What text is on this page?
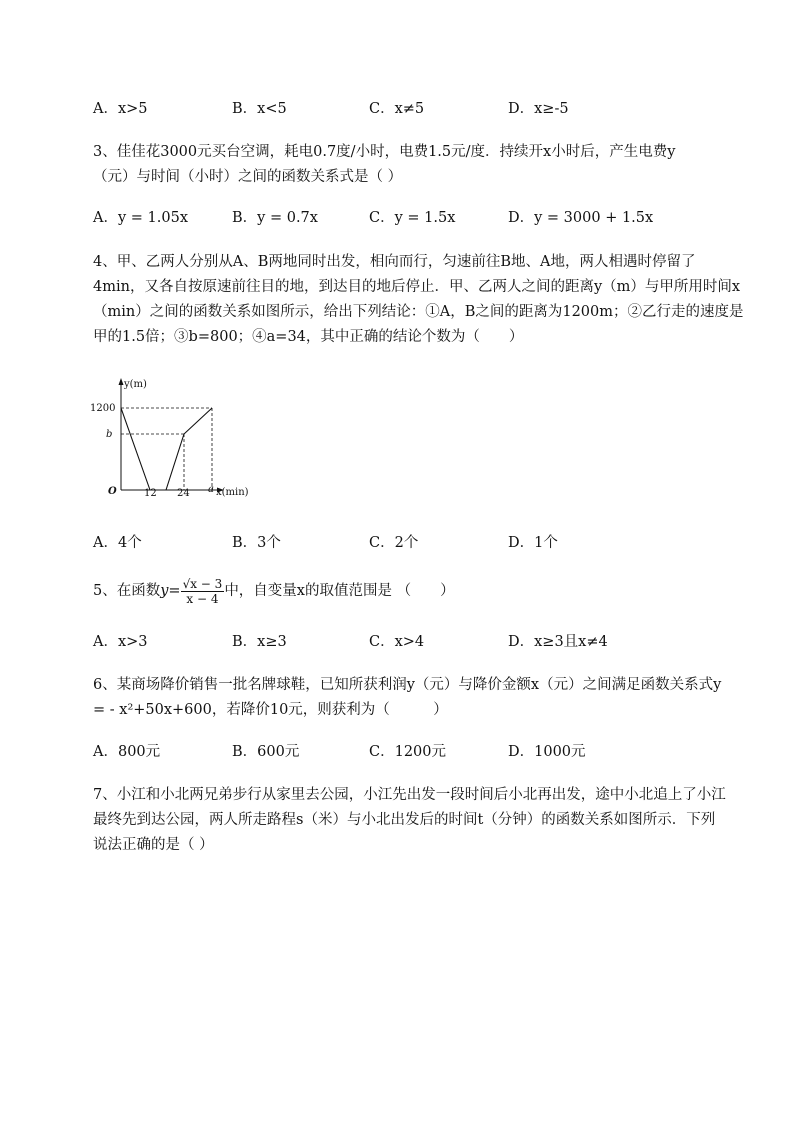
A．x>5	B．x<5	C．x≠5	D．x≥-5
3、佳佳花3000元买台空调，耗电0.7度/小时，电费1.5元/度．持续开x小时后，产生电费y
（元）与时间（小时）之间的函数关系式是（ ）
A．y = 1.05x	B．y = 0.7x	C．y = 1.5x	D．y = 3000 + 1.5x
4、甲、乙两人分别从A、B两地同时出发，相向而行，匀速前往B地、A地，两人相遇时停留了
4min，又各自按原速前往目的地，到达目的地后停止．甲、乙两人之间的距离y（m）与甲所用时间x
（min）之间的函数关系如图所示，给出下列结论：①A，B之间的距离为1200m；②乙行走的速度是
甲的1.5倍；③b=800；④a=34，其中正确的结论个数为（　　）
y(m)
1200
b
O	12 24 a x(min)
A．4个	B．3个	C．2个	D．1个
5、在函数$y= \frac{√x - 3}{x - 4}$ 中，自变量x的取值范围是 （　　）
A．x>3	B．x≥3	C．x>4	D．x≥3且x≠4
6、某商场降价销售一批名牌球鞋，已知所获利润y（元）与降价金额x（元）之间满足函数关系式y
= - x²+50x+600，若降价10元，则获利为（　　　）
A．800元	B．600元	C．1200元	D．1000元
7、小江和小北两兄弟步行从家里去公园，小江先出发一段时间后小北再出发，途中小北追上了小江
最终先到达公园，两人所走路程s（米）与小北出发后的时间t（分钟）的函数关系如图所示．下列
说法正确的是（ ）
